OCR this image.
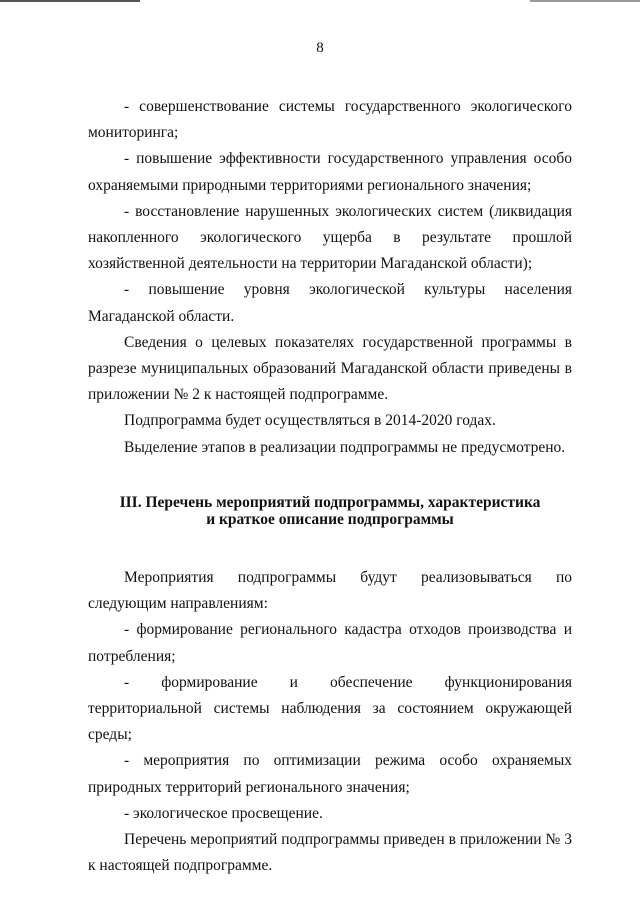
8

- совершенствование системы государственного экологического мониторинга;

- повышение эффективности государственного управления особо охраняемыми природными территориями регионального значения;

- восстановление нарушенных экологических систем (ликвидация накопленного экологического ущерба в результате прошлой хозяйственной деятельности на территории Магаданской области);

- повышение уровня экологической культуры населения Магаданской области.

Сведения о целевых показателях государственной программы в разрезе муниципальных образований Магаданской области приведены в приложении № 2 к настоящей подпрограмме.

Подпрограмма будет осуществляться в 2014-2020 годах.

Выделение этапов в реализации подпрограммы не предусмотрено.

III. Перечень мероприятий подпрограммы, характеристика
и краткое описание подпрограммы

Мероприятия подпрограммы будут реализовываться по следующим направлениям:

- формирование регионального кадастра отходов производства и потребления;

- формирование и обеспечение функционирования территориальной системы наблюдения за состоянием окружающей среды;

- мероприятия по оптимизации режима особо охраняемых природных территорий регионального значения;

- экологическое просвещение.

Перечень мероприятий подпрограммы приведен в приложении № 3 к настоящей подпрограмме.
